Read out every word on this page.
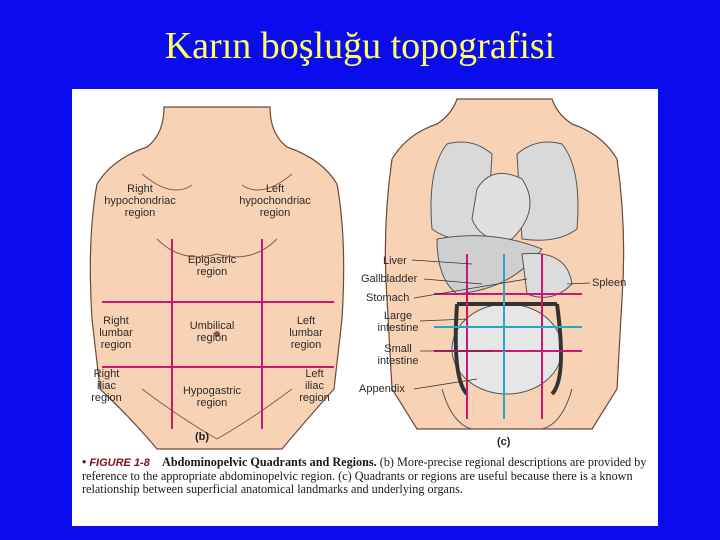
Karın boşluğu topografisi
Right
hypochondriac
region
Left
hypochondriac
region
Epigastric
region
Right
lumbar
region
Umbilical
region
Left
lumbar
region
Right
iliac
region
Hypogastric
region
Left
iliac
region
(b)
Liver
Gallbladder
Stomach
Large
intestine
Small
intestine
Appendix
Spleen
(c)
• FIGURE 1-8 Abdominopelvic Quadrants and Regions. (b) More-precise regional descriptions are provided by reference to the appropriate abdominopelvic region. (c) Quadrants or regions are useful because there is a known relationship between superficial anatomical landmarks and underlying organs.
